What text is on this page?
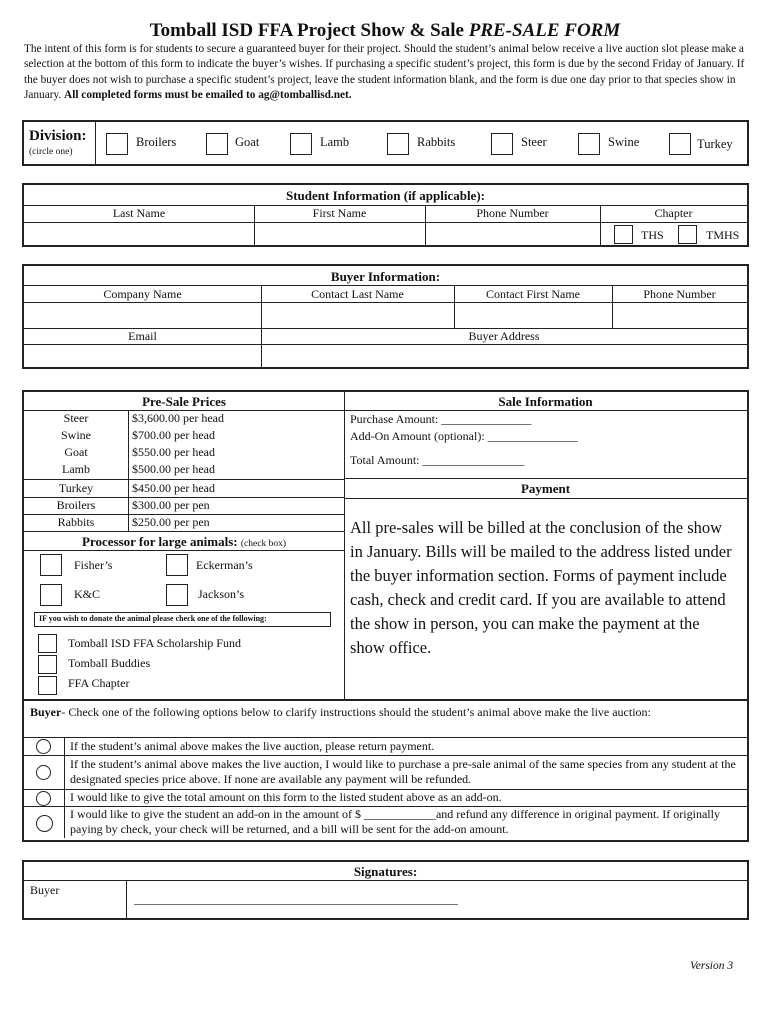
Tomball ISD FFA Project Show & Sale PRE-SALE FORM
The intent of this form is for students to secure a guaranteed buyer for their project. Should the student’s animal below receive a live auction slot please make a selection at the bottom of this form to indicate the buyer’s wishes. If purchasing a specific student’s project, this form is due by the second Friday of January. If the buyer does not wish to purchase a specific student’s project, leave the student information blank, and the form is due one day prior to that species show in January. All completed forms must be emailed to ag@tomballisd.net.
Division:
(circle one)
Broilers	Goat	Lamb	Rabbits	Steer	Swine	Turkey
Student Information (if applicable):
Last Name	First Name	Phone Number	Chapter
THS	TMHS
Buyer Information:
Company Name	Contact Last Name	Contact First Name	Phone Number
Email	Buyer Address
Pre-Sale Prices
Steer	$3,600.00 per head
Swine	$700.00 per head
Goat	$550.00 per head
Lamb	$500.00 per head
Turkey	$450.00 per head
Broilers	$300.00 per pen
Rabbits	$250.00 per pen
Processor for large animals: (check box)
Fisher’s	Eckerman’s
K&C	Jackson’s
IF you wish to donate the animal please check one of the following:
Tomball ISD FFA Scholarship Fund
Tomball Buddies
FFA Chapter
Sale Information
Purchase Amount: _______________
Add-On Amount (optional): _______________
Total Amount: _________________
Payment
All pre-sales will be billed at the conclusion of the show in January. Bills will be mailed to the address listed under the buyer information section. Forms of payment include cash, check and credit card. If you are available to attend the show in person, you can make the payment at the show office.
Buyer- Check one of the following options below to clarify instructions should the student’s animal above make the live auction:
If the student’s animal above makes the live auction, please return payment.
If the student’s animal above makes the live auction, I would like to purchase a pre-sale animal of the same species from any student at the designated species price above. If none are available any payment will be refunded.
I would like to give the total amount on this form to the listed student above as an add-on.
I would like to give the student an add-on in the amount of $ ____________and refund any difference in original payment. If originally paying by check, your check will be returned, and a bill will be sent for the add-on amount.
Signatures:
Buyer
______________________________________________________
Version 3
